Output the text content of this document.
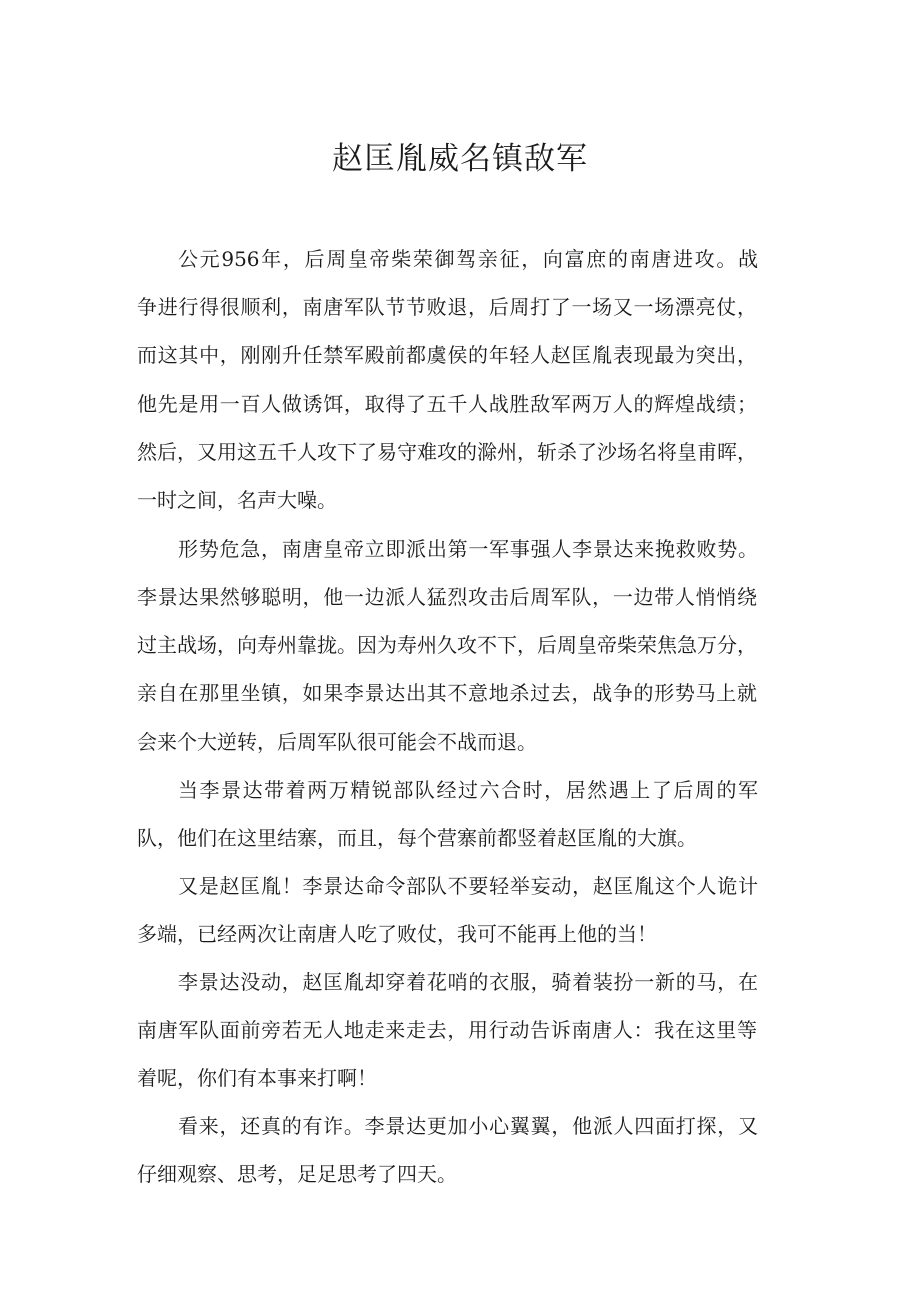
赵匡胤威名镇敌军
公元956年，后周皇帝柴荣御驾亲征，向富庶的南唐进攻。战
争进行得很顺利，南唐军队节节败退，后周打了一场又一场漂亮仗，
而这其中，刚刚升任禁军殿前都虞侯的年轻人赵匡胤表现最为突出，
他先是用一百人做诱饵，取得了五千人战胜敌军两万人的辉煌战绩；
然后，又用这五千人攻下了易守难攻的滁州，斩杀了沙场名将皇甫晖，
一时之间，名声大噪。
形势危急，南唐皇帝立即派出第一军事强人李景达来挽救败势。
李景达果然够聪明，他一边派人猛烈攻击后周军队，一边带人悄悄绕
过主战场，向寿州靠拢。因为寿州久攻不下，后周皇帝柴荣焦急万分，
亲自在那里坐镇，如果李景达出其不意地杀过去，战争的形势马上就
会来个大逆转，后周军队很可能会不战而退。
当李景达带着两万精锐部队经过六合时，居然遇上了后周的军
队，他们在这里结寨，而且，每个营寨前都竖着赵匡胤的大旗。
又是赵匡胤！李景达命令部队不要轻举妄动，赵匡胤这个人诡计
多端，已经两次让南唐人吃了败仗，我可不能再上他的当！
李景达没动，赵匡胤却穿着花哨的衣服，骑着装扮一新的马，在
南唐军队面前旁若无人地走来走去，用行动告诉南唐人：我在这里等
着呢，你们有本事来打啊！
看来，还真的有诈。李景达更加小心翼翼，他派人四面打探，又
仔细观察、思考，足足思考了四天。
